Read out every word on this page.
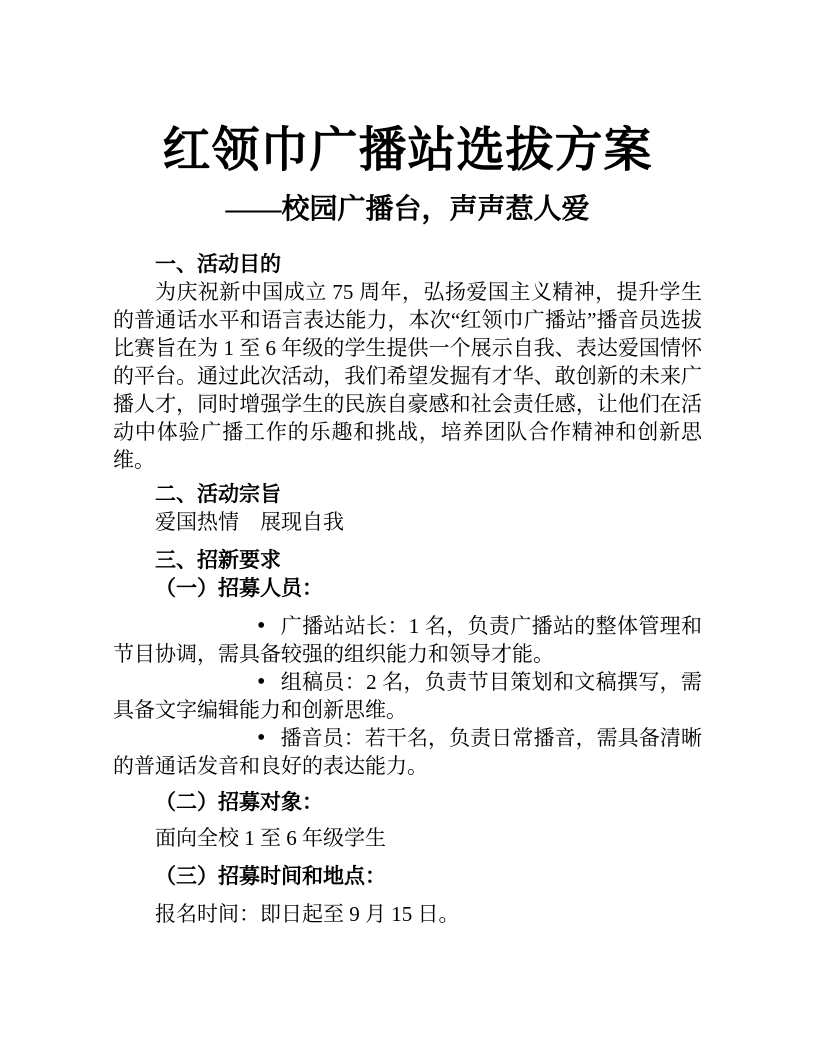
红领巾广播站选拔方案
——校园广播台，声声惹人爱
一、活动目的

为庆祝新中国成立 75 周年，弘扬爱国主义精神，提升学生的普通话水平和语言表达能力，本次“红领巾广播站”播音员选拔比赛旨在为 1 至 6 年级的学生提供一个展示自我、表达爱国情怀的平台。通过此次活动，我们希望发掘有才华、敢创新的未来广播人才，同时增强学生的民族自豪感和社会责任感，让他们在活动中体验广播工作的乐趣和挑战，培养团队合作精神和创新思维。

二、活动宗旨

爱国热情　展现自我

三、招新要求
（一）招募人员：

• 广播站站长：1 名，负责广播站的整体管理和节目协调，需具备较强的组织能力和领导才能。

• 组稿员：2 名，负责节目策划和文稿撰写，需具备文字编辑能力和创新思维。

• 播音员：若干名，负责日常播音，需具备清晰的普通话发音和良好的表达能力。

（二）招募对象：

面向全校 1 至 6 年级学生

（三）招募时间和地点：

报名时间：即日起至 9 月 15 日。
